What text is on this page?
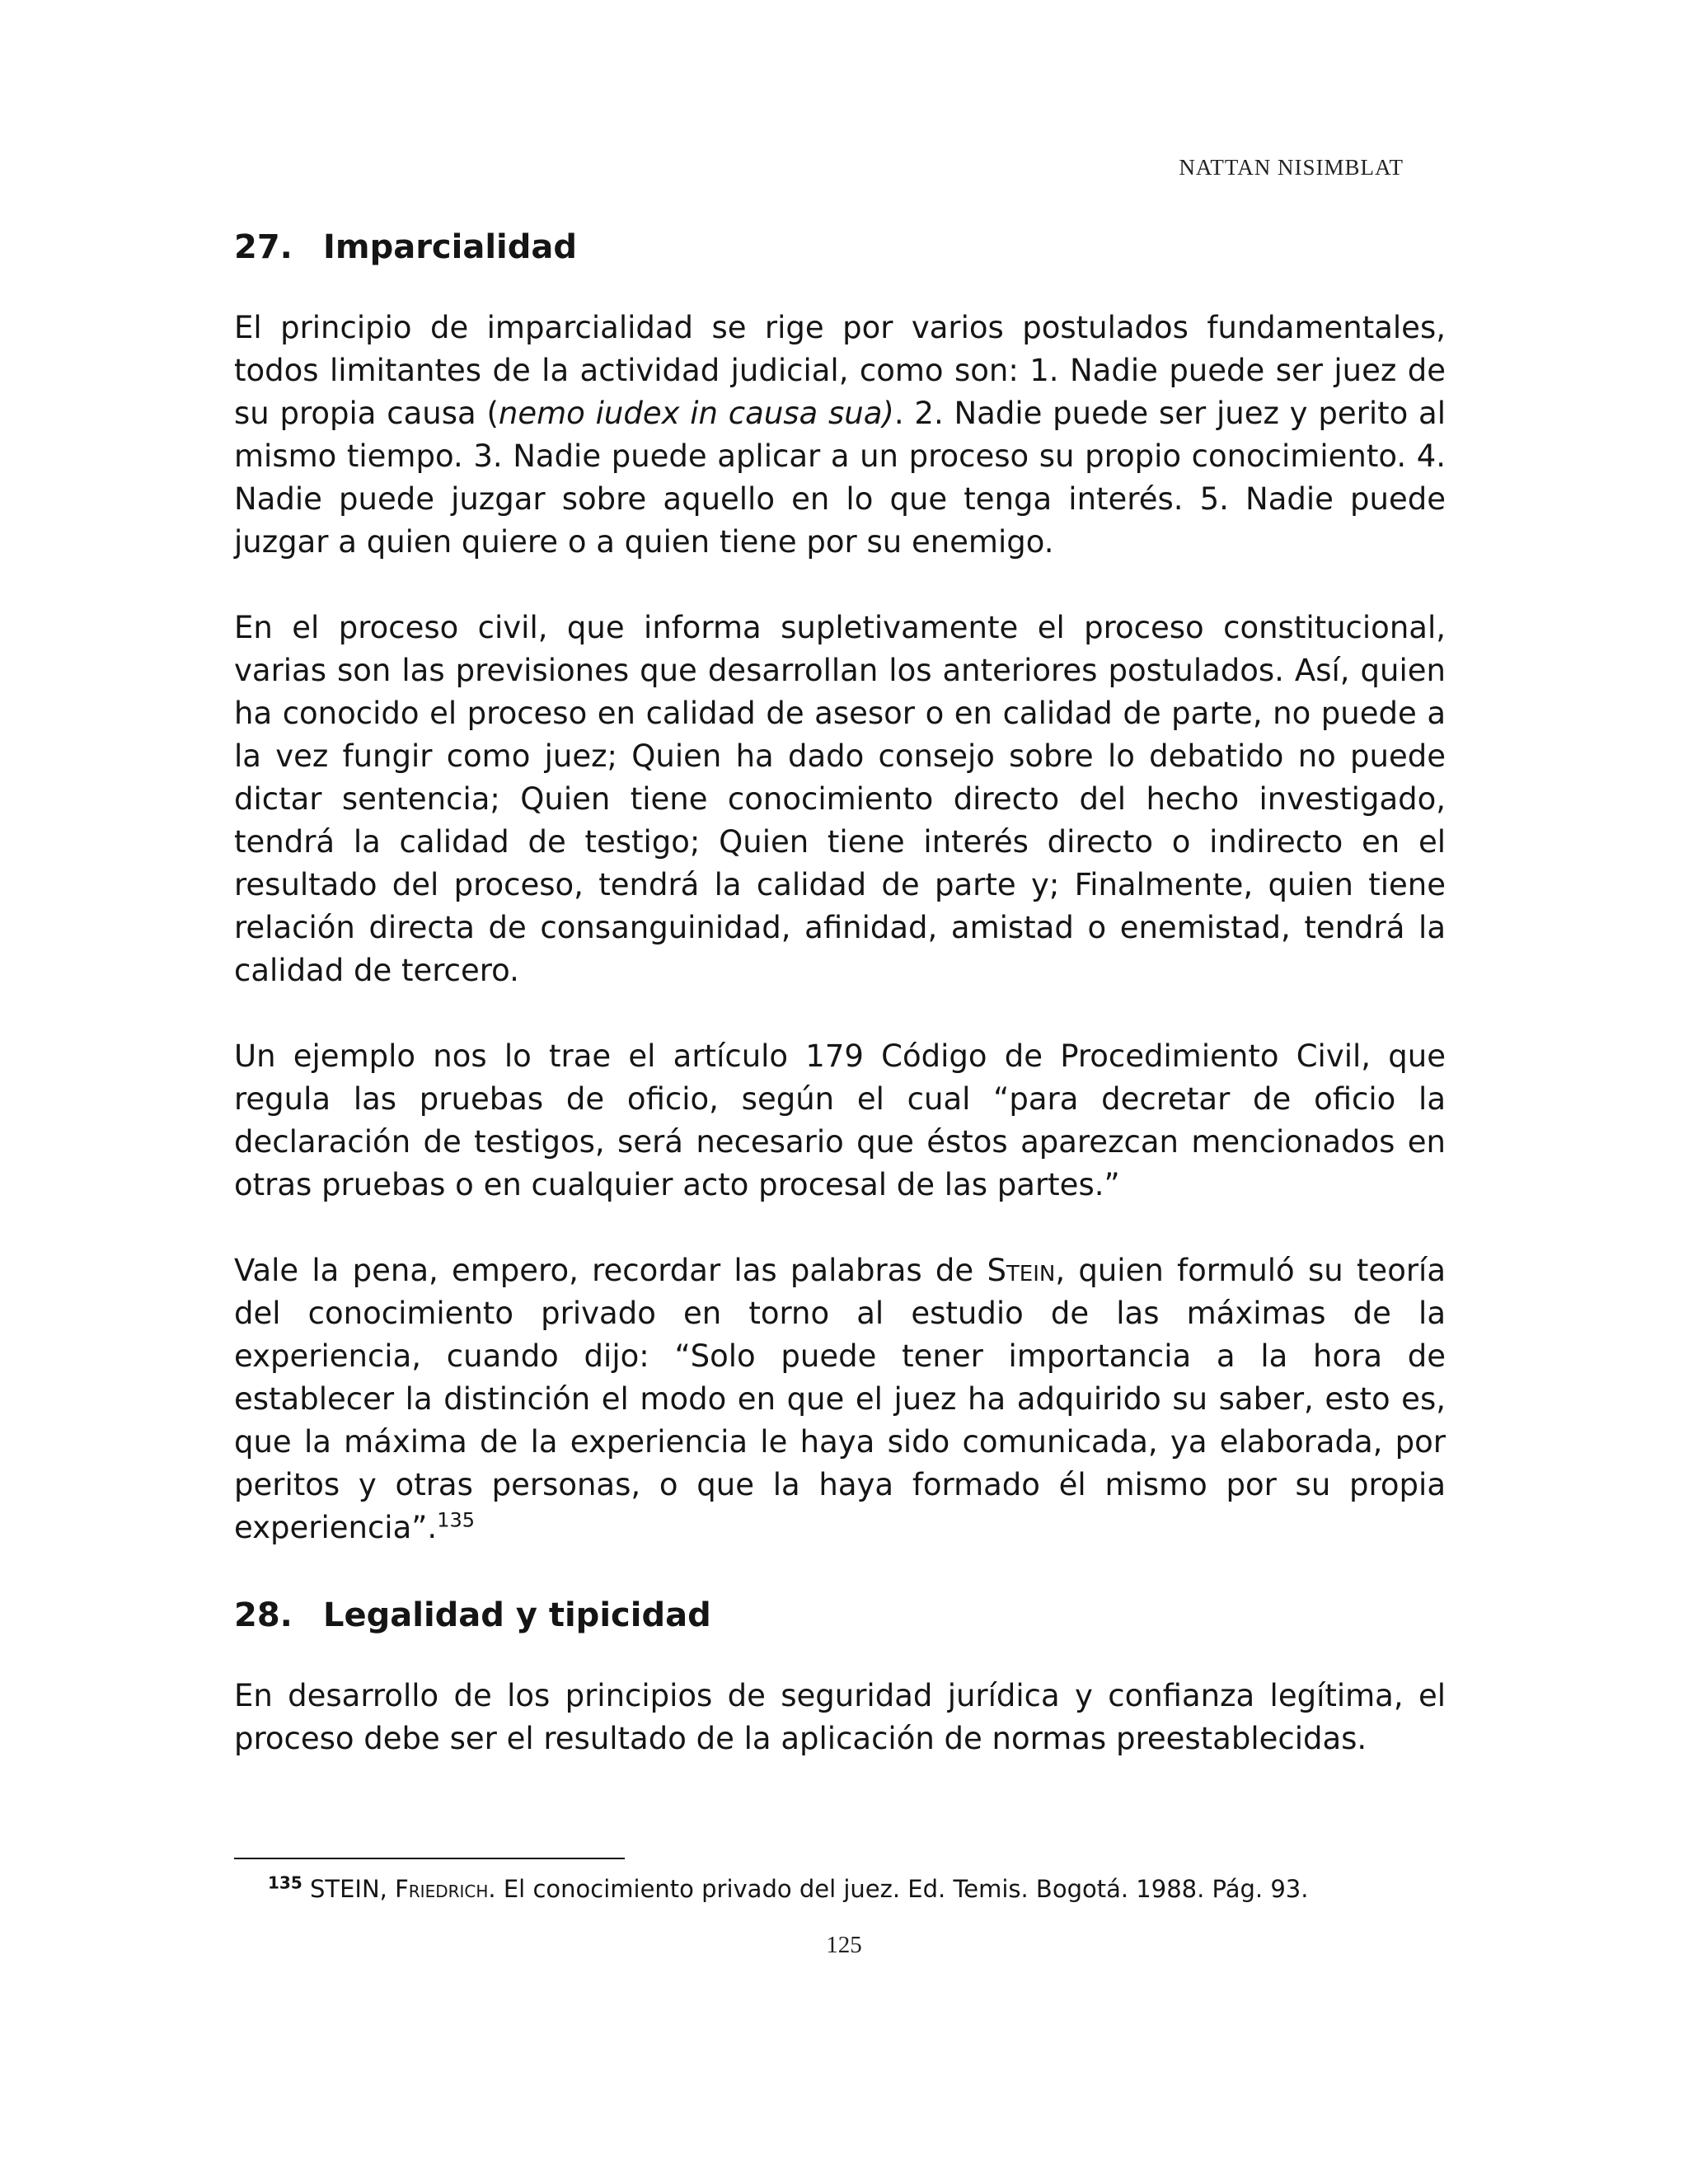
NATTAN NISIMBLAT
27. Imparcialidad

El principio de imparcialidad se rige por varios postulados fundamentales, todos limitantes de la actividad judicial, como son: 1. Nadie puede ser juez de su propia causa (nemo iudex in causa sua). 2. Nadie puede ser juez y perito al mismo tiempo. 3. Nadie puede aplicar a un proceso su propio conocimiento. 4. Nadie puede juzgar sobre aquello en lo que tenga interés. 5. Nadie puede juzgar a quien quiere o a quien tiene por su enemigo.

En el proceso civil, que informa supletivamente el proceso constitucional, varias son las previsiones que desarrollan los anteriores postulados. Así, quien ha conocido el proceso en calidad de asesor o en calidad de parte, no puede a la vez fungir como juez; Quien ha dado consejo sobre lo debatido no puede dictar sentencia; Quien tiene conocimiento directo del hecho investigado, tendrá la calidad de testigo; Quien tiene interés directo o indirecto en el resultado del proceso, tendrá la calidad de parte y; Finalmente, quien tiene relación directa de consanguinidad, afinidad, amistad o enemistad, tendrá la calidad de tercero.

Un ejemplo nos lo trae el artículo 179 Código de Procedimiento Civil, que regula las pruebas de oficio, según el cual “para decretar de oficio la declaración de testigos, será necesario que éstos aparezcan mencionados en otras pruebas o en cualquier acto procesal de las partes.”

Vale la pena, empero, recordar las palabras de Stein, quien formuló su teoría del conocimiento privado en torno al estudio de las máximas de la experiencia, cuando dijo: “Solo puede tener importancia a la hora de establecer la distinción el modo en que el juez ha adquirido su saber, esto es, que la máxima de la experiencia le haya sido comunicada, ya elaborada, por peritos y otras personas, o que la haya formado él mismo por su propia experiencia”.$^{135}$

28. Legalidad y tipicidad

En desarrollo de los principios de seguridad jurídica y confianza legítima, el proceso debe ser el resultado de la aplicación de normas preestablecidas.

$^{135}$ STEIN, Friedrich. El conocimiento privado del juez. Ed. Temis. Bogotá. 1988. Pág. 93.
125
